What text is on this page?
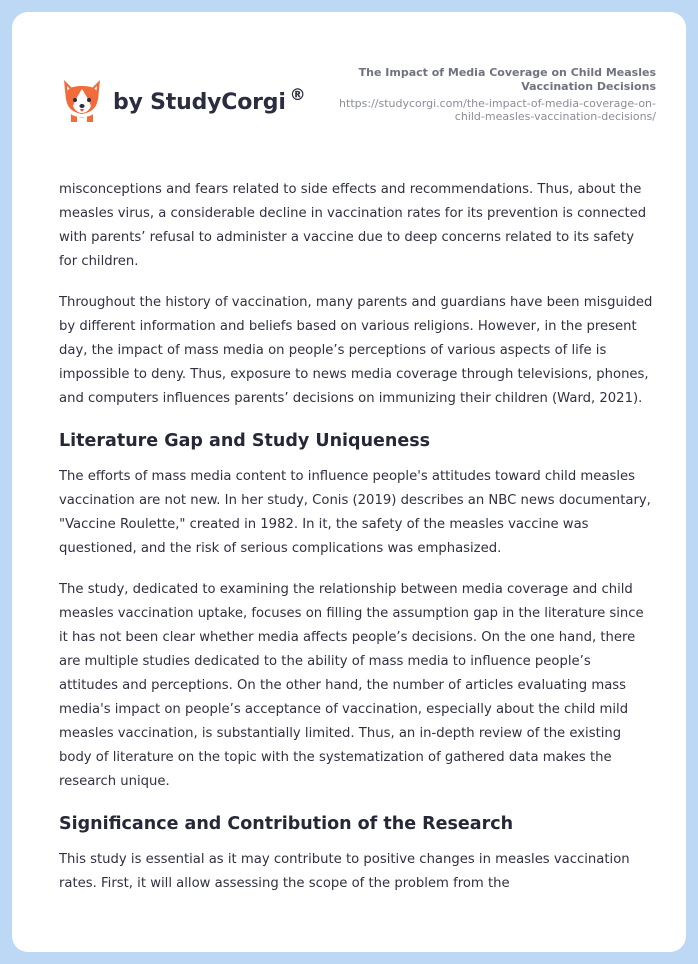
by StudyCorgi ®
The Impact of Media Coverage on Child Measles Vaccination Decisions
https://studycorgi.com/the-impact-of-media-coverage-on-child-measles-vaccination-decisions/

misconceptions and fears related to side effects and recommendations. Thus, about the measles virus, a considerable decline in vaccination rates for its prevention is connected with parents’ refusal to administer a vaccine due to deep concerns related to its safety for children.

Throughout the history of vaccination, many parents and guardians have been misguided by different information and beliefs based on various religions. However, in the present day, the impact of mass media on people’s perceptions of various aspects of life is impossible to deny. Thus, exposure to news media coverage through televisions, phones, and computers influences parents’ decisions on immunizing their children (Ward, 2021).

Literature Gap and Study Uniqueness

The efforts of mass media content to influence people's attitudes toward child measles vaccination are not new. In her study, Conis (2019) describes an NBC news documentary, "Vaccine Roulette," created in 1982. In it, the safety of the measles vaccine was questioned, and the risk of serious complications was emphasized.

The study, dedicated to examining the relationship between media coverage and child measles vaccination uptake, focuses on filling the assumption gap in the literature since it has not been clear whether media affects people’s decisions. On the one hand, there are multiple studies dedicated to the ability of mass media to influence people’s attitudes and perceptions. On the other hand, the number of articles evaluating mass media's impact on people’s acceptance of vaccination, especially about the child mild measles vaccination, is substantially limited. Thus, an in-depth review of the existing body of literature on the topic with the systematization of gathered data makes the research unique.

Significance and Contribution of the Research

This study is essential as it may contribute to positive changes in measles vaccination rates. First, it will allow assessing the scope of the problem from the
